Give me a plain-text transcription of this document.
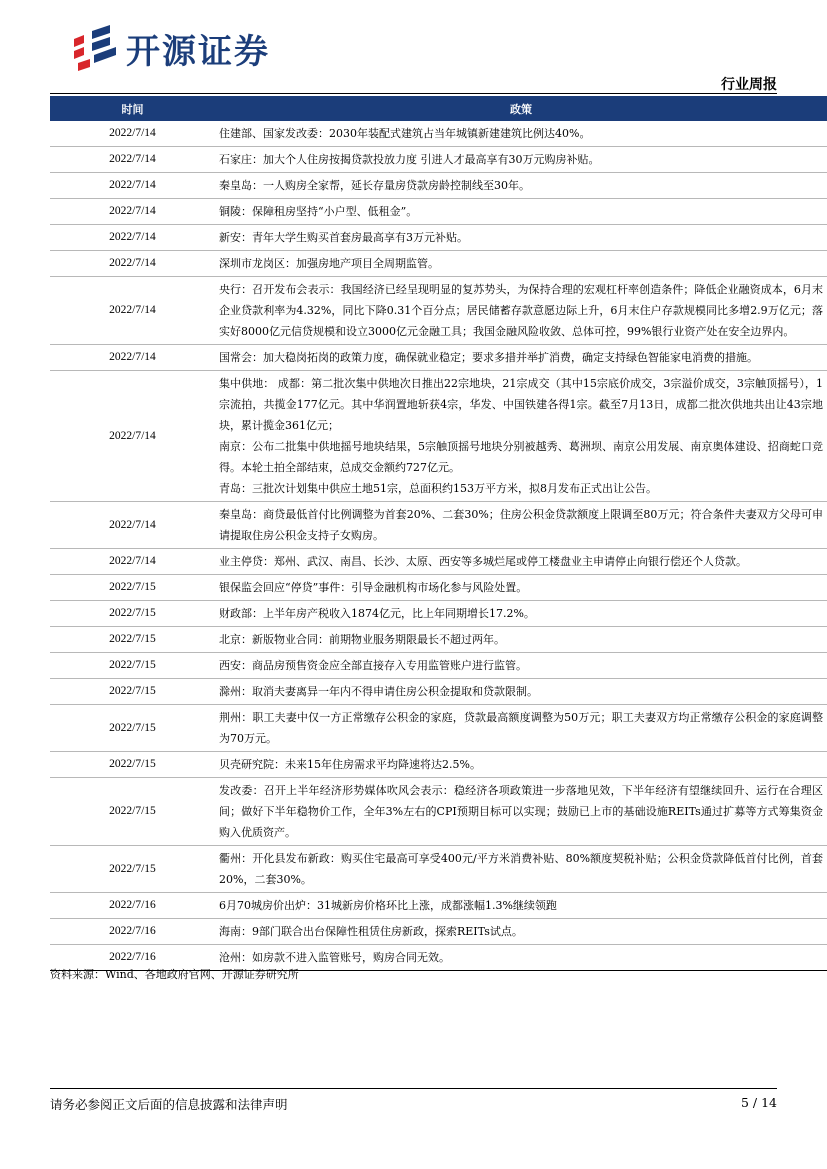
开源证券
行业周报
时间	政策
2022/7/14	住建部、国家发改委：2030年装配式建筑占当年城镇新建建筑比例达40%。
2022/7/14	石家庄：加大个人住房按揭贷款投放力度 引进人才最高享有30万元购房补贴。
2022/7/14	秦皇岛：一人购房全家帮，延长存量房贷款房龄控制线至30年。
2022/7/14	铜陵：保障租房坚持“小户型、低租金”。
2022/7/14	新安：青年大学生购买首套房最高享有3万元补贴。
2022/7/14	深圳市龙岗区：加强房地产项目全周期监管。
2022/7/14	央行：召开发布会表示：我国经济已经呈现明显的复苏势头，为保持合理的宏观杠杆率创造条件；降低企业融资成本，6月末企业贷款利率为4.32%，同比下降0.31个百分点；居民储蓄存款意愿边际上升，6月末住户存款规模同比多增2.9万亿元；落实好8000亿元信贷规模和设立3000亿元金融工具；我国金融风险收敛、总体可控，99%银行业资产处在安全边界内。
2022/7/14	国常会：加大稳岗拓岗的政策力度，确保就业稳定；要求多措并举扩消费，确定支持绿色智能家电消费的措施。
2022/7/14	集中供地： 成都：第二批次集中供地次日推出22宗地块，21宗成交（其中15宗底价成交，3宗溢价成交，3宗触顶摇号），1宗流拍，共揽金177亿元。其中华润置地斩获4宗，华发、中国铁建各得1宗。截至7月13日，成都二批次供地共出让43宗地块，累计揽金361亿元；
南京：公布二批集中供地摇号地块结果，5宗触顶摇号地块分别被越秀、葛洲坝、南京公用发展、南京奥体建设、招商蛇口竞得。本轮土拍全部结束，总成交金额约727亿元。
青岛：三批次计划集中供应土地51宗，总面积约153万平方米，拟8月发布正式出让公告。

2022/7/14	秦皇岛：商贷最低首付比例调整为首套20%、二套30%；住房公积金贷款额度上限调至80万元；符合条件夫妻双方父母可申请提取住房公积金支持子女购房。
2022/7/14	业主停贷：郑州、武汉、南昌、长沙、太原、西安等多城烂尾或停工楼盘业主申请停止向银行偿还个人贷款。
2022/7/15	银保监会回应“停贷”事件：引导金融机构市场化参与风险处置。
2022/7/15	财政部：上半年房产税收入1874亿元，比上年同期增长17.2%。
2022/7/15	北京：新版物业合同：前期物业服务期限最长不超过两年。
2022/7/15	西安：商品房预售资金应全部直接存入专用监管账户进行监管。
2022/7/15	滁州：取消夫妻离异一年内不得申请住房公积金提取和贷款限制。
2022/7/15	荆州：职工夫妻中仅一方正常缴存公积金的家庭，贷款最高额度调整为50万元；职工夫妻双方均正常缴存公积金的家庭调整为70万元。
2022/7/15	贝壳研究院：未来15年住房需求平均降速将达2.5%。
2022/7/15	发改委：召开上半年经济形势媒体吹风会表示：稳经济各项政策进一步落地见效，下半年经济有望继续回升、运行在合理区间；做好下半年稳物价工作，全年3%左右的CPI预期目标可以实现；鼓励已上市的基础设施REITs通过扩募等方式筹集资金购入优质资产。
2022/7/15	衢州：开化县发布新政：购买住宅最高可享受400元/平方米消费补贴、80%额度契税补贴；公积金贷款降低首付比例，首套20%，二套30%。
2022/7/16	6月70城房价出炉：31城新房价格环比上涨，成都涨幅1.3%继续领跑
2022/7/16	海南：9部门联合出台保障性租赁住房新政，探索REITs试点。
2022/7/16	沧州：如房款不进入监管账号，购房合同无效。
资料来源：Wind、各地政府官网、开源证券研究所
请务必参阅正文后面的信息披露和法律声明	5 / 14
